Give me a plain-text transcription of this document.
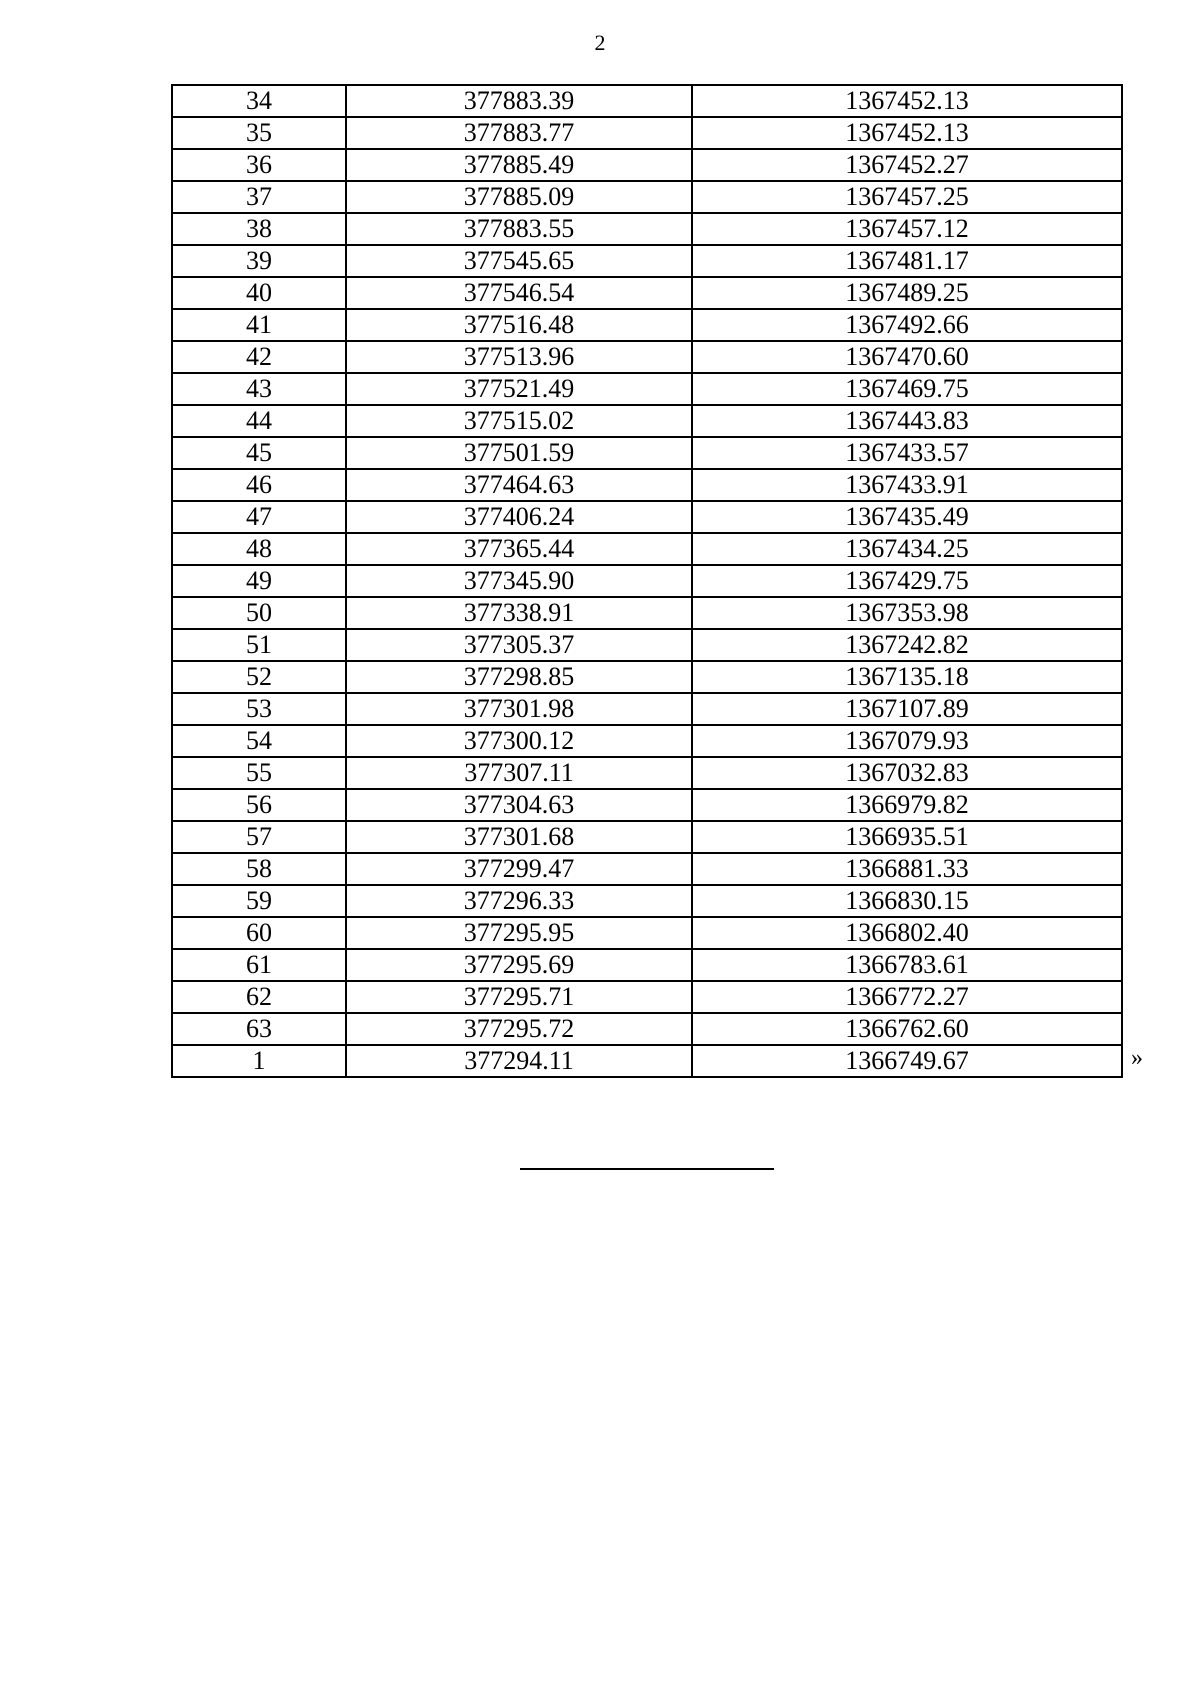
2
34	377883.39	1367452.13
35	377883.77	1367452.13
36	377885.49	1367452.27
37	377885.09	1367457.25
38	377883.55	1367457.12
39	377545.65	1367481.17
40	377546.54	1367489.25
41	377516.48	1367492.66
42	377513.96	1367470.60
43	377521.49	1367469.75
44	377515.02	1367443.83
45	377501.59	1367433.57
46	377464.63	1367433.91
47	377406.24	1367435.49
48	377365.44	1367434.25
49	377345.90	1367429.75
50	377338.91	1367353.98
51	377305.37	1367242.82
52	377298.85	1367135.18
53	377301.98	1367107.89
54	377300.12	1367079.93
55	377307.11	1367032.83
56	377304.63	1366979.82
57	377301.68	1366935.51
58	377299.47	1366881.33
59	377296.33	1366830.15
60	377295.95	1366802.40
61	377295.69	1366783.61
62	377295.71	1366772.27
63	377295.72	1366762.60
1	377294.11	1366749.67	»
